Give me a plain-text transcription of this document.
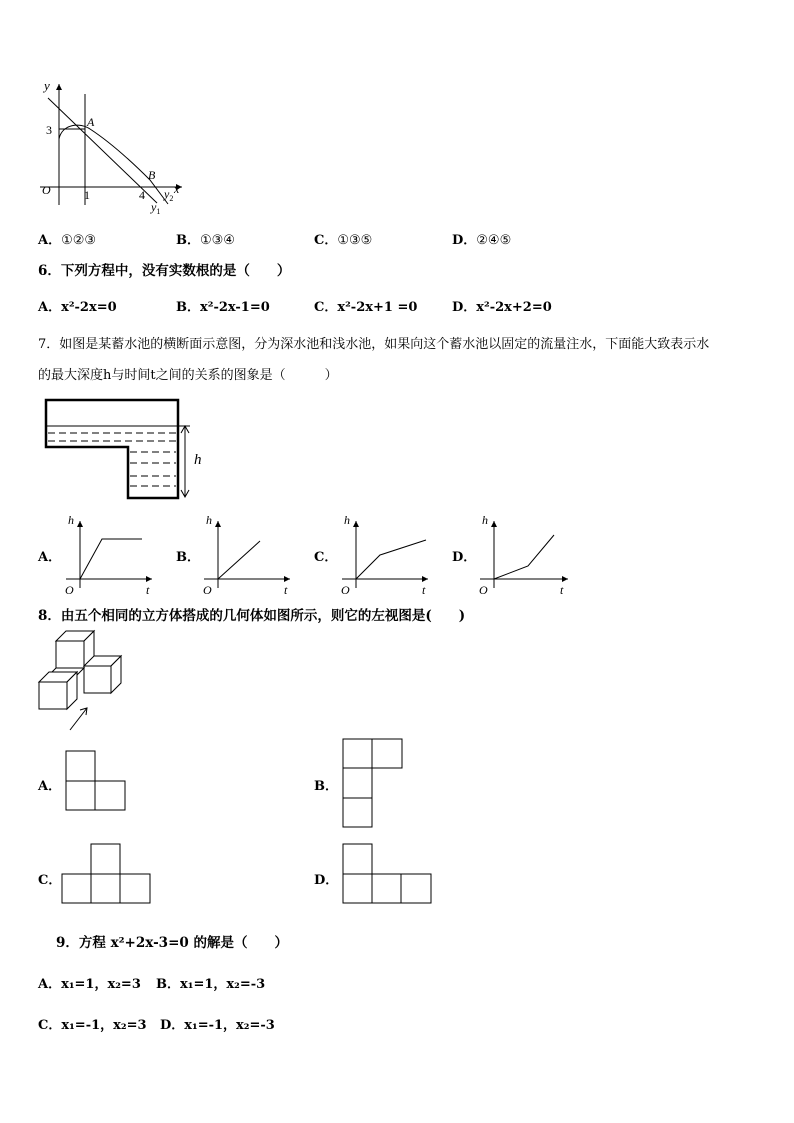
y
x
O
3
1	4
A
B
$y_2$
$y_1$
A．①②③	B．①③④	C．①③⑤	D．②④⑤
6．下列方程中，没有实数根的是（　　）
A．x²-2x=0	B．x²-2x-1=0	C．x²-2x+1 =0	D．x²-2x+2=0
7．如图是某蓄水池的横断面示意图，分为深水池和浅水池，如果向这个蓄水池以固定的流量注水，下面能大致表示水
的最大深度h与时间t之间的关系的图象是（　　　）
h
A．	B．	C．	D．
h
t
O
h
t
O
h
t
O
h
t
O
8．由五个相同的立方体搭成的几何体如图所示，则它的左视图是(　　)
A．	B．
C．	D．
9．方程 x²+2x-3=0 的解是（　　）
A．x₁=1，x₂=3 B．x₁=1，x₂=-3
C．x₁=-1，x₂=3 D．x₁=-1，x₂=-3
